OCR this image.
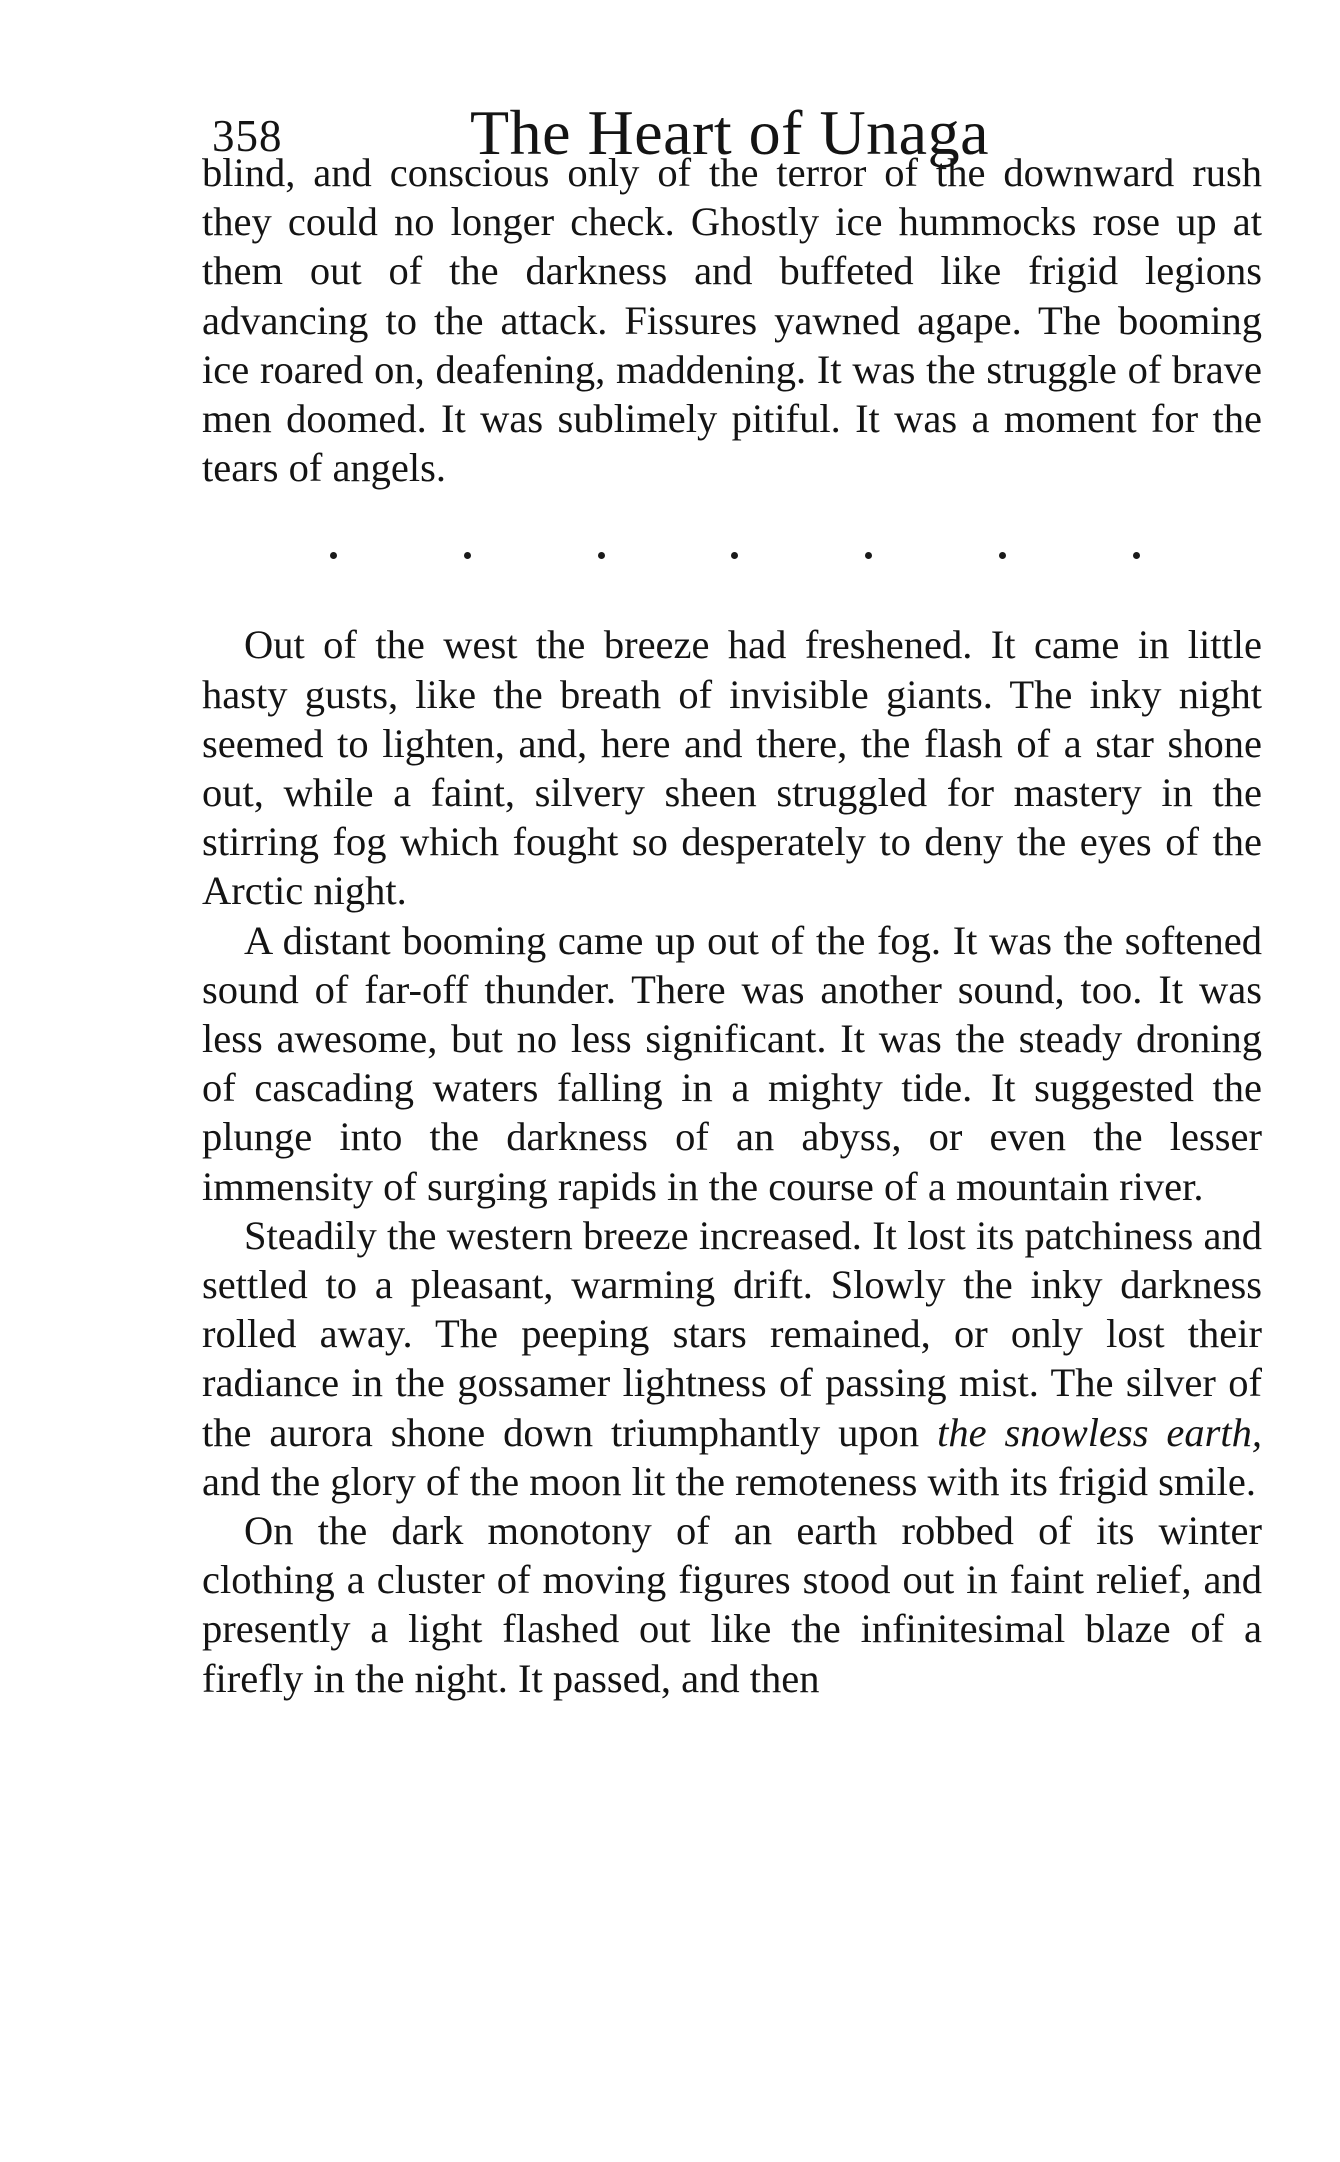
358	The Heart of Unaga

blind, and conscious only of the terror of the downward rush they could no longer check. Ghostly ice hummocks rose up at them out of the darkness and buffeted like frigid legions advancing to the attack. Fissures yawned agape. The booming ice roared on, deafening, maddening. It was the struggle of brave men doomed. It was sublimely pitiful. It was a moment for the tears of angels.

Out of the west the breeze had freshened. It came in little hasty gusts, like the breath of invisible giants. The inky night seemed to lighten, and, here and there, the flash of a star shone out, while a faint, silvery sheen struggled for mastery in the stirring fog which fought so desperately to deny the eyes of the Arctic night.

A distant booming came up out of the fog. It was the softened sound of far-off thunder. There was another sound, too. It was less awesome, but no less significant. It was the steady droning of cascading waters falling in a mighty tide. It suggested the plunge into the darkness of an abyss, or even the lesser immensity of surging rapids in the course of a mountain river.

Steadily the western breeze increased. It lost its patchiness and settled to a pleasant, warming drift. Slowly the inky darkness rolled away. The peeping stars remained, or only lost their radiance in the gossamer lightness of passing mist. The silver of the aurora shone down triumphantly upon the snowless earth, and the glory of the moon lit the remoteness with its frigid smile.

On the dark monotony of an earth robbed of its winter clothing a cluster of moving figures stood out in faint relief, and presently a light flashed out like the infinitesimal blaze of a firefly in the night. It passed, and then
